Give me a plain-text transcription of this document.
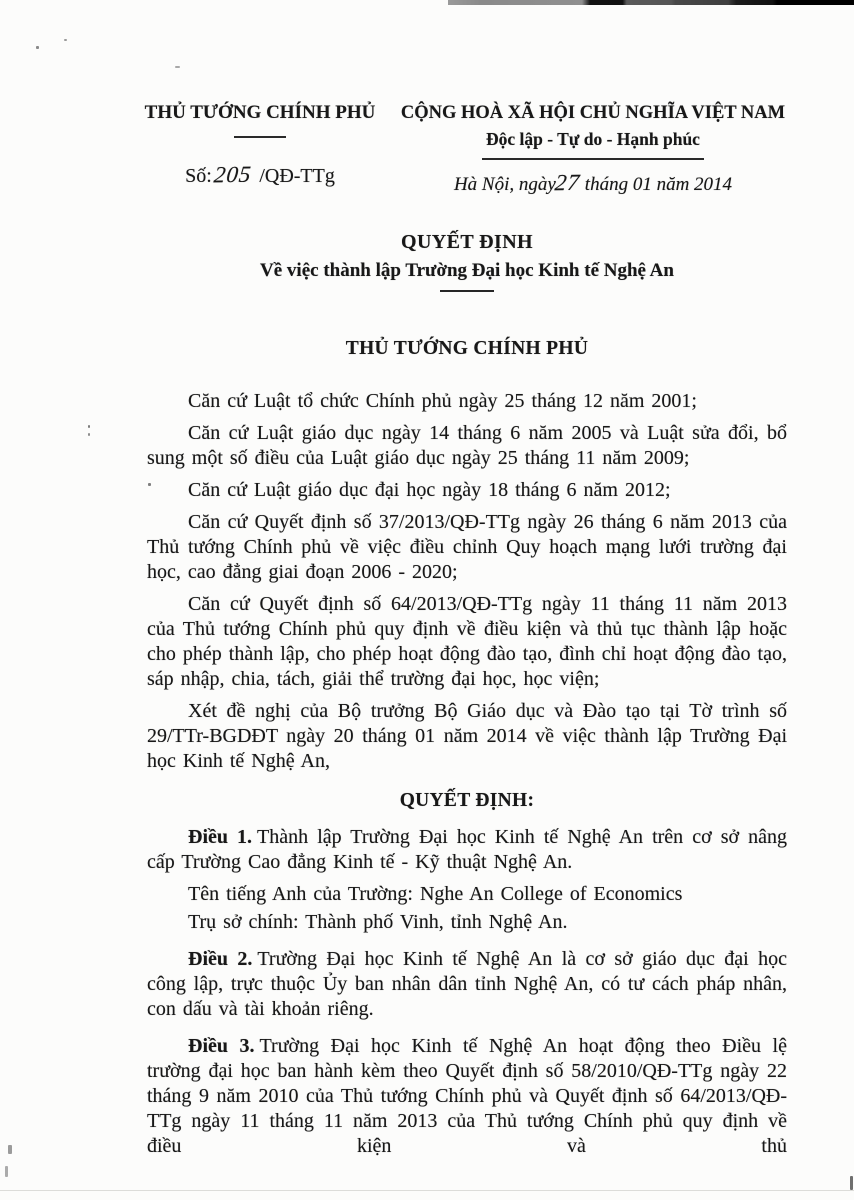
THỦ TƯỚNG CHÍNH PHỦ
Số:205 /QĐ-TTg
CỘNG HOÀ XÃ HỘI CHỦ NGHĨA VIỆT NAM
Độc lập - Tự do - Hạnh phúc
Hà Nội, ngày27 tháng 01 năm 2014
QUYẾT ĐỊNH
Về việc thành lập Trường Đại học Kinh tế Nghệ An
THỦ TƯỚNG CHÍNH PHỦ

Căn cứ Luật tổ chức Chính phủ ngày 25 tháng 12 năm 2001;

Căn cứ Luật giáo dục ngày 14 tháng 6 năm 2005 và Luật sửa đổi, bổ sung một số điều của Luật giáo dục ngày 25 tháng 11 năm 2009;

Căn cứ Luật giáo dục đại học ngày 18 tháng 6 năm 2012;

Căn cứ Quyết định số 37/2013/QĐ-TTg ngày 26 tháng 6 năm 2013 của Thủ tướng Chính phủ về việc điều chỉnh Quy hoạch mạng lưới trường đại học, cao đẳng giai đoạn 2006 - 2020;

Căn cứ Quyết định số 64/2013/QĐ-TTg ngày 11 tháng 11 năm 2013 của Thủ tướng Chính phủ quy định về điều kiện và thủ tục thành lập hoặc cho phép thành lập, cho phép hoạt động đào tạo, đình chỉ hoạt động đào tạo, sáp nhập, chia, tách, giải thể trường đại học, học viện;

Xét đề nghị của Bộ trưởng Bộ Giáo dục và Đào tạo tại Tờ trình số 29/TTr-BGDĐT ngày 20 tháng 01 năm 2014 về việc thành lập Trường Đại học Kinh tế Nghệ An,

QUYẾT ĐỊNH:

Điều 1. Thành lập Trường Đại học Kinh tế Nghệ An trên cơ sở nâng cấp Trường Cao đẳng Kinh tế - Kỹ thuật Nghệ An.

Tên tiếng Anh của Trường: Nghe An College of Economics

Trụ sở chính: Thành phố Vinh, tỉnh Nghệ An.

Điều 2. Trường Đại học Kinh tế Nghệ An là cơ sở giáo dục đại học công lập, trực thuộc Ủy ban nhân dân tỉnh Nghệ An, có tư cách pháp nhân, con dấu và tài khoản riêng.

Điều 3. Trường Đại học Kinh tế Nghệ An hoạt động theo Điều lệ trường đại học ban hành kèm theo Quyết định số 58/2010/QĐ-TTg ngày 22 tháng 9 năm 2010 của Thủ tướng Chính phủ và Quyết định số 64/2013/QĐ-TTg ngày 11 tháng 11 năm 2013 của Thủ tướng Chính phủ quy định về điều kiện và thủ
